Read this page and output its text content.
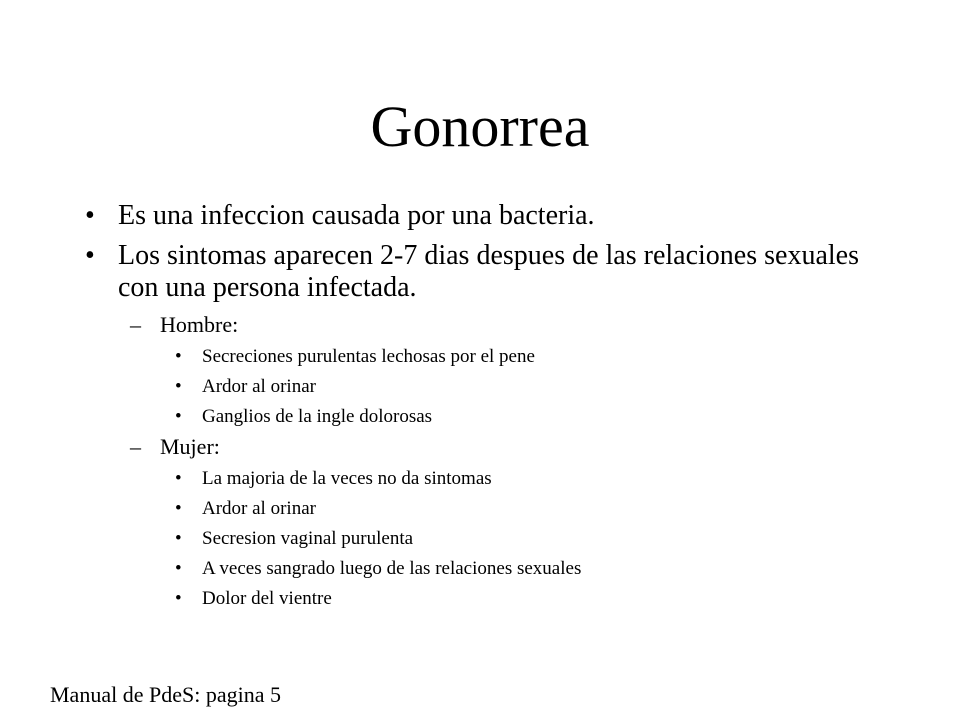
Gonorrea
• Es una infeccion causada por una bacteria.
• Los sintomas aparecen 2-7 dias despues de las relaciones sexuales con una persona infectada.
– Hombre:
• Secreciones purulentas lechosas por el pene
• Ardor al orinar
• Ganglios de la ingle dolorosas
– Mujer:
• La majoria de la veces no da sintomas
• Ardor al orinar
• Secresion vaginal purulenta
• A veces sangrado luego de las relaciones sexuales
• Dolor del vientre
Manual de PdeS: pagina 5
